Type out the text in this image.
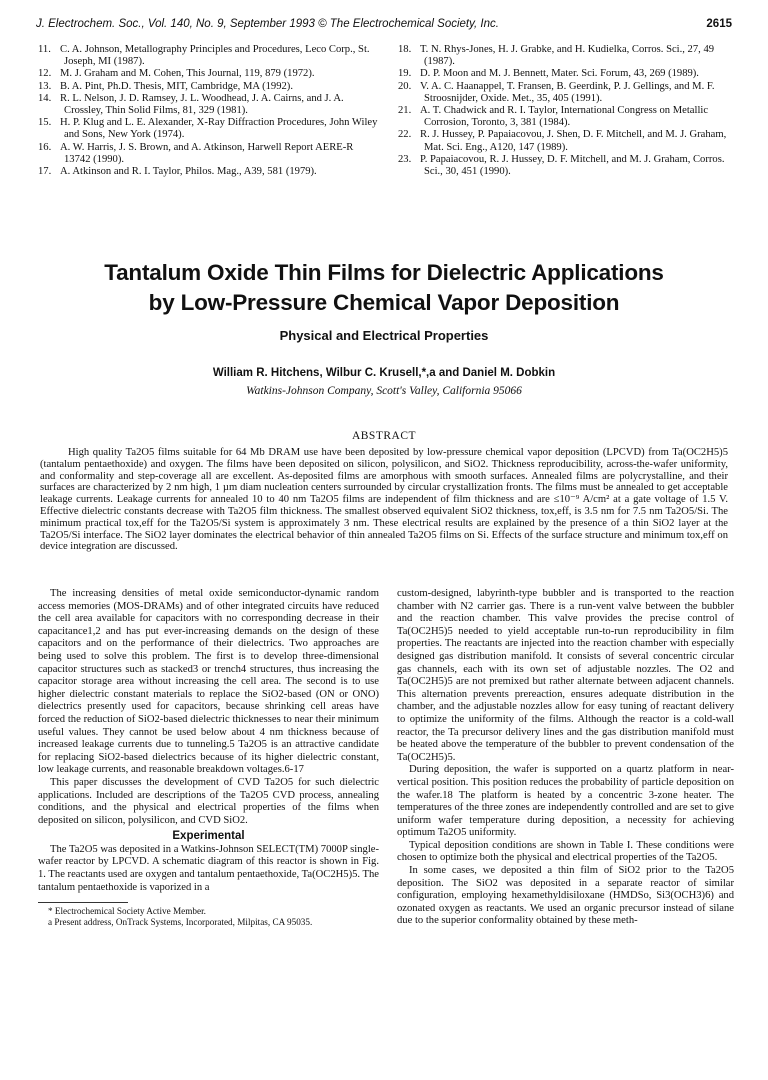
J. Electrochem. Soc., Vol. 140, No. 9, September 1993 © The Electrochemical Society, Inc.	2615

11. C. A. Johnson, Metallography Principles and Procedures, Leco Corp., St. Joseph, MI (1987).

12. M. J. Graham and M. Cohen, This Journal, 119, 879 (1972).

13. B. A. Pint, Ph.D. Thesis, MIT, Cambridge, MA (1992).

14. R. L. Nelson, J. D. Ramsey, J. L. Woodhead, J. A. Cairns, and J. A. Crossley, Thin Solid Films, 81, 329 (1981).

15. H. P. Klug and L. E. Alexander, X-Ray Diffraction Procedures, John Wiley and Sons, New York (1974).

16. A. W. Harris, J. S. Brown, and A. Atkinson, Harwell Report AERE-R 13742 (1990).

17. A. Atkinson and R. I. Taylor, Philos. Mag., A39, 581 (1979).

18. T. N. Rhys-Jones, H. J. Grabke, and H. Kudielka, Corros. Sci., 27, 49 (1987).

19. D. P. Moon and M. J. Bennett, Mater. Sci. Forum, 43, 269 (1989).

20. V. A. C. Haanappel, T. Fransen, B. Geerdink, P. J. Gellings, and M. F. Stroosnijder, Oxide. Met., 35, 405 (1991).

21. A. T. Chadwick and R. I. Taylor, International Congress on Metallic Corrosion, Toronto, 3, 381 (1984).

22. R. J. Hussey, P. Papaiacovou, J. Shen, D. F. Mitchell, and M. J. Graham, Mat. Sci. Eng., A120, 147 (1989).

23. P. Papaiacovou, R. J. Hussey, D. F. Mitchell, and M. J. Graham, Corros. Sci., 30, 451 (1990).

Tantalum Oxide Thin Films for Dielectric Applications
by Low-Pressure Chemical Vapor Deposition
Physical and Electrical Properties
William R. Hitchens, Wilbur C. Krusell,*,a and Daniel M. Dobkin
Watkins-Johnson Company, Scott's Valley, California 95066
ABSTRACT

High quality Ta2O5 films suitable for 64 Mb DRAM use have been deposited by low-pressure chemical vapor deposition (LPCVD) from Ta(OC2H5)5 (tantalum pentaethoxide) and oxygen. The films have been deposited on silicon, polysilicon, and SiO2. Thickness reproducibility, across-the-wafer uniformity, and conformality and step-coverage all are excellent. As-deposited films are amorphous with smooth surfaces. Annealed films are polycrystalline, and their surfaces are characterized by 2 nm high, 1 µm diam nucleation centers surrounded by circular crystallization fronts. The films must be annealed to get acceptable leakage currents. Leakage currents for annealed 10 to 40 nm Ta2O5 films are independent of film thickness and are ≤10⁻⁹ A/cm² at a gate voltage of 1.5 V. Effective dielectric constants decrease with Ta2O5 film thickness. The smallest observed equivalent SiO2 thickness, tox,eff, is 3.5 nm for 7.5 nm Ta2O5/Si. The minimum practical tox,eff for the Ta2O5/Si system is approximately 3 nm. These electrical results are explained by the presence of a thin SiO2 layer at the Ta2O5/Si interface. The SiO2 layer dominates the electrical behavior of thin annealed Ta2O5 films on Si. Effects of the surface structure and minimum tox,eff on device integration are discussed.

The increasing densities of metal oxide semiconductor-dynamic random access memories (MOS-DRAMs) and of other integrated circuits have reduced the cell area available for capacitors with no corresponding decrease in their capacitance1,2 and has put ever-increasing demands on the design of these capacitors and on the performance of their dielectrics. Two approaches are being used to solve this problem. The first is to develop three-dimensional capacitor structures such as stacked3 or trench4 structures, thus increasing the capacitor storage area without increasing the cell area. The second is to use higher dielectric constant materials to replace the SiO2-based (ON or ONO) dielectrics presently used for capacitors, because shrinking cell areas have forced the reduction of SiO2-based dielectric thicknesses to near their minimum useful values. They cannot be used below about 4 nm thickness because of increased leakage currents due to tunneling.5 Ta2O5 is an attractive candidate for replacing SiO2-based dielectrics because of its higher dielectric constant, low leakage currents, and reasonable breakdown voltages.6-17

This paper discusses the development of CVD Ta2O5 for such dielectric applications. Included are descriptions of the Ta2O5 CVD process, annealing conditions, and the physical and electrical properties of the films when deposited on silicon, polysilicon, and CVD SiO2.

Experimental

The Ta2O5 was deposited in a Watkins-Johnson SELECT(TM) 7000P single-wafer reactor by LPCVD. A schematic diagram of this reactor is shown in Fig. 1. The reactants used are oxygen and tantalum pentaethoxide, Ta(OC2H5)5. The tantalum pentaethoxide is vaporized in a

* Electrochemical Society Active Member.
a Present address, OnTrack Systems, Incorporated, Milpitas, CA 95035.

custom-designed, labyrinth-type bubbler and is transported to the reaction chamber with N2 carrier gas. There is a run-vent valve between the bubbler and the reaction chamber. This valve provides the precise control of Ta(OC2H5)5 needed to yield acceptable run-to-run reproducibility in film properties. The reactants are injected into the reaction chamber with especially designed gas distribution manifold. It consists of several concentric circular gas channels, each with its own set of adjustable nozzles. The O2 and Ta(OC2H5)5 are not premixed but rather alternate between adjacent channels. This alternation prevents prereaction, ensures adequate distribution in the chamber, and the adjustable nozzles allow for easy tuning of reactant delivery to optimize the uniformity of the films. Although the reactor is a cold-wall reactor, the Ta precursor delivery lines and the gas distribution manifold must be heated above the temperature of the bubbler to prevent condensation of the Ta(OC2H5)5.

During deposition, the wafer is supported on a quartz platform in near-vertical position. This position reduces the probability of particle deposition on the wafer.18 The platform is heated by a concentric 3-zone heater. The temperatures of the three zones are independently controlled and are set to give uniform wafer temperature during deposition, a necessity for achieving optimum Ta2O5 uniformity.

Typical deposition conditions are shown in Table I. These conditions were chosen to optimize both the physical and electrical properties of the Ta2O5.

In some cases, we deposited a thin film of SiO2 prior to the Ta2O5 deposition. The SiO2 was deposited in a separate reactor of similar configuration, employing hexamethyldisiloxane (HMDSo, Si3(OCH3)6) and ozonated oxygen as reactants. We used an organic precursor instead of silane due to the superior conformality obtained by these meth-
